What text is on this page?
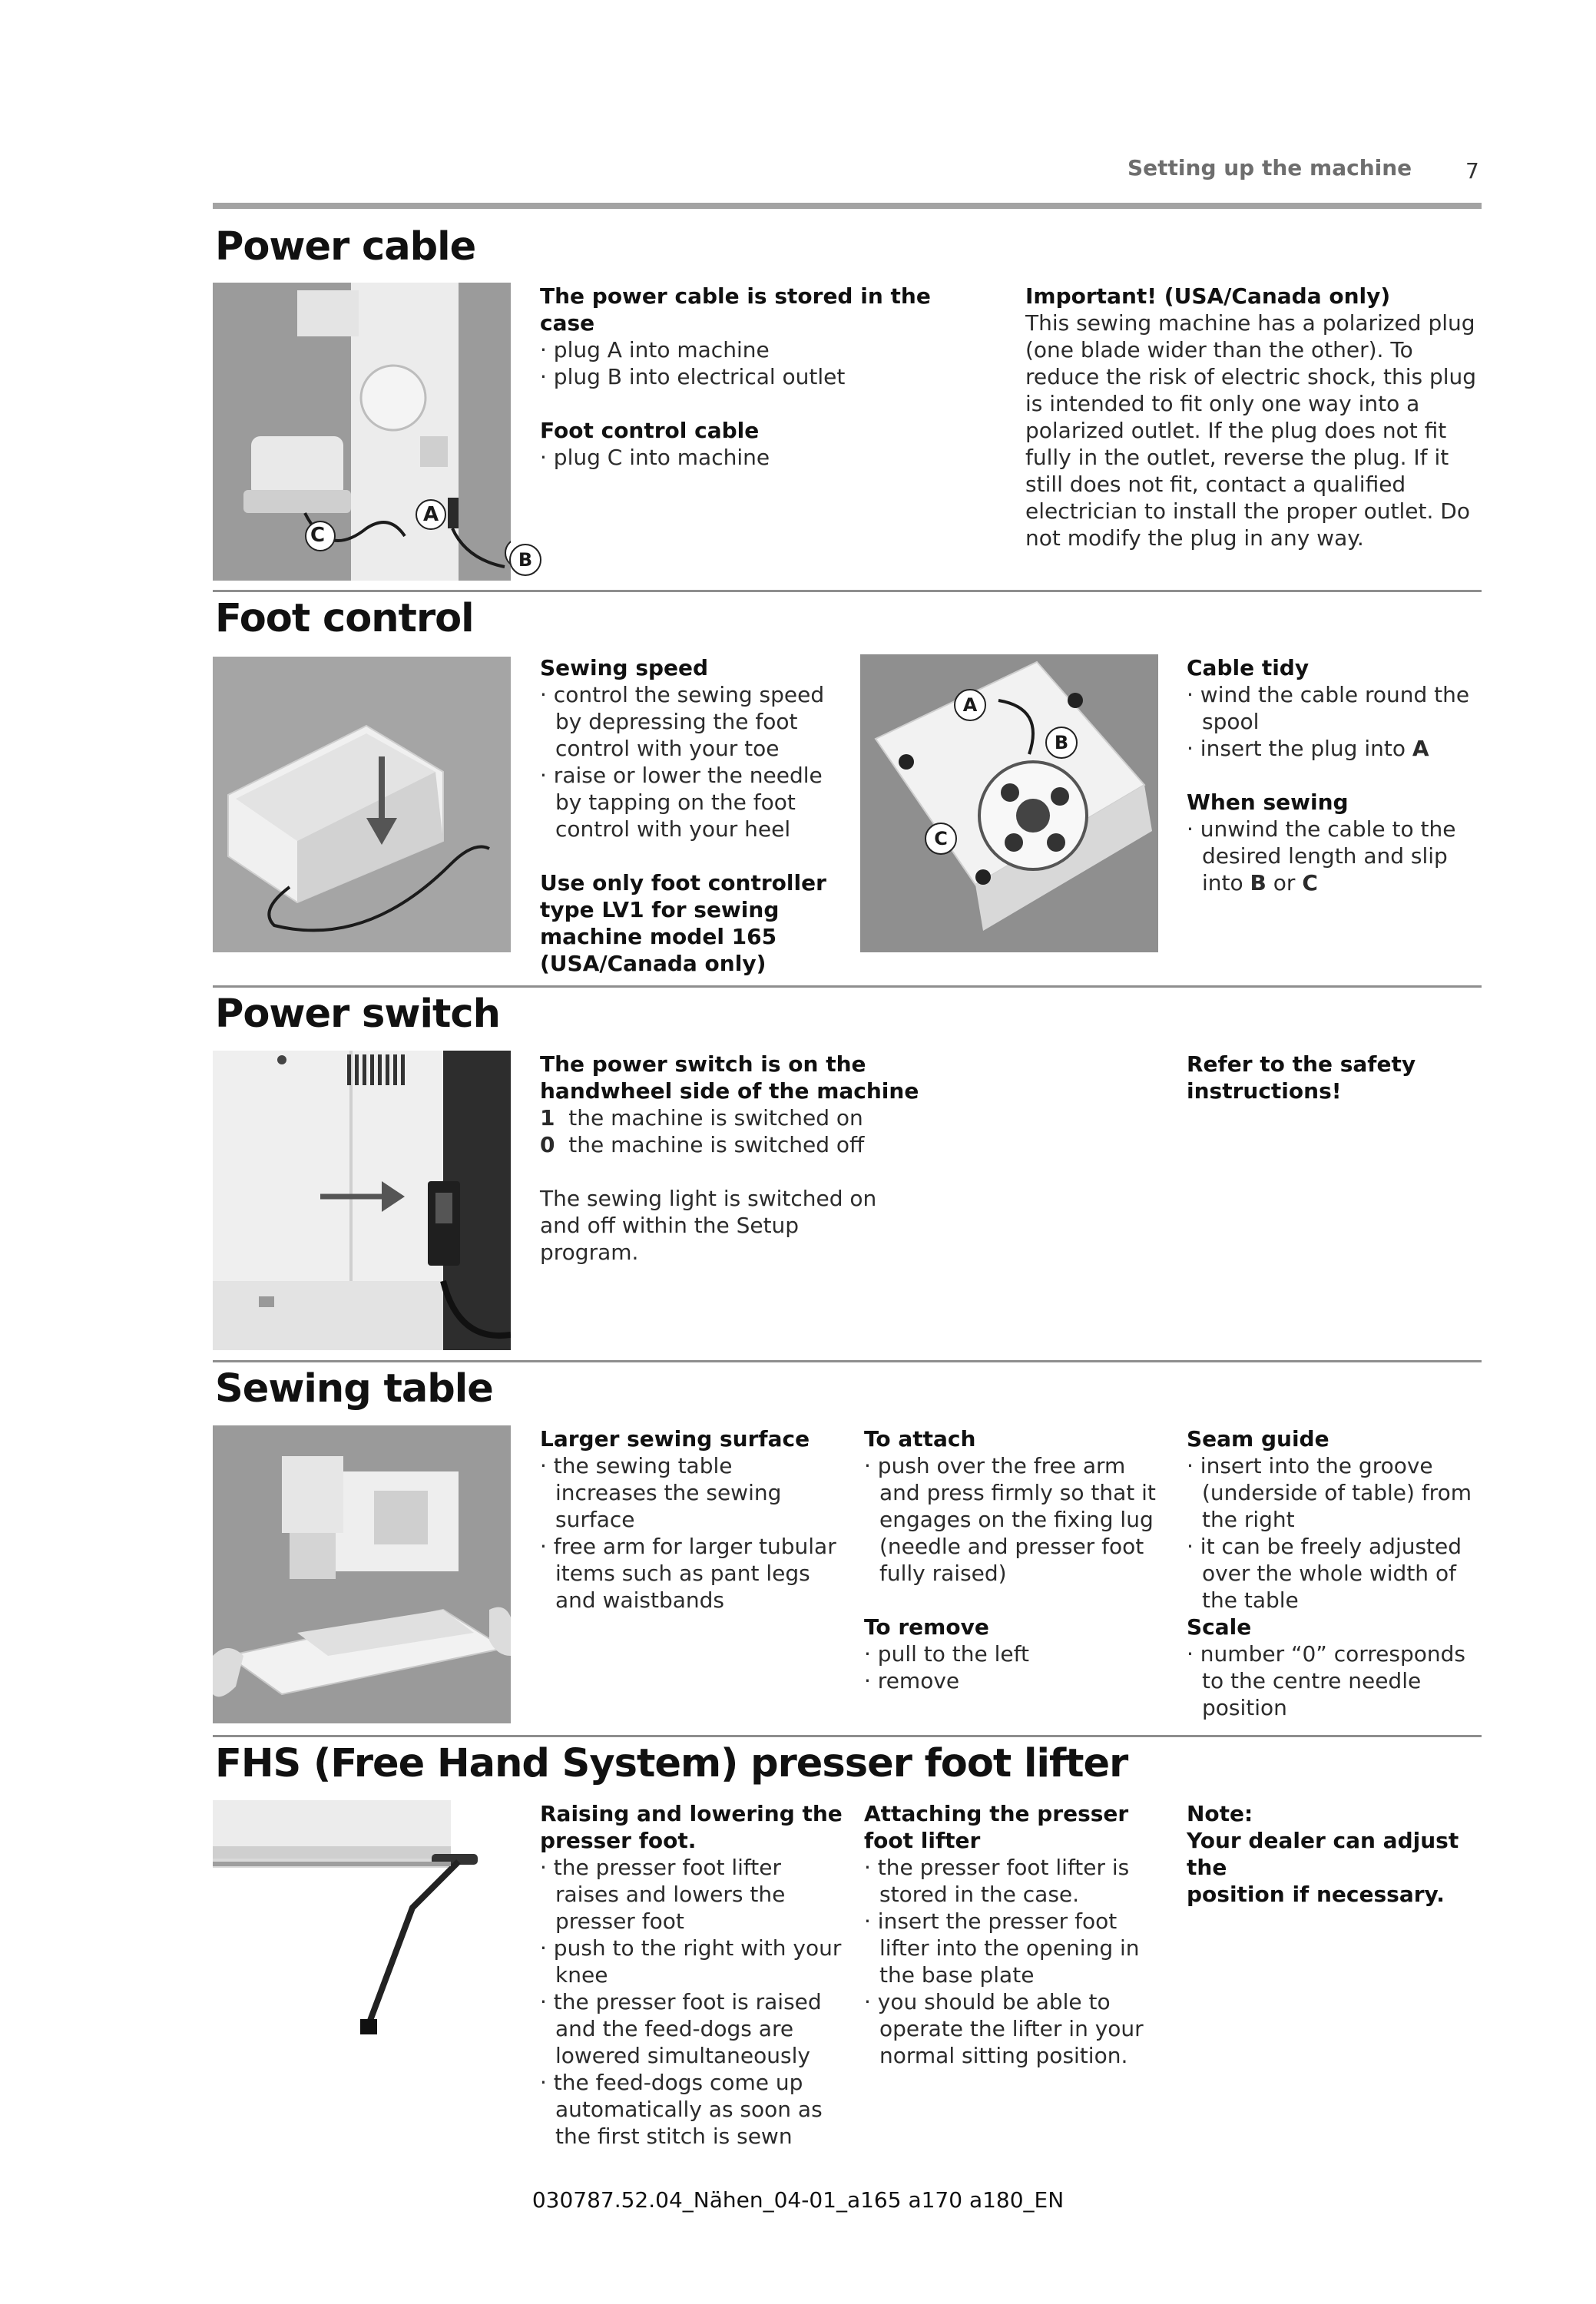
Setting up the machine 7
Power cable
C
A
B

The power cable is stored in the case

· plug A into machine

· plug B into electrical outlet

Foot control cable

· plug C into machine

Important! (USA/Canada only)

This sewing machine has a polarized plug

(one blade wider than the other). To

reduce the risk of electric shock, this plug

is intended to fit only one way into a

polarized outlet. If the plug does not fit

fully in the outlet, reverse the plug. If it

still does not fit, contact a qualified

electrician to install the proper outlet. Do

not modify the plug in any way.

Foot control

Sewing speed

· control the sewing speed by depressing the foot control with your toe

· raise or lower the needle by tapping on the foot control with your heel

Use only foot controller

type LV1 for sewing

machine model 165

(USA/Canada only)

A
B
C

Cable tidy

· wind the cable round the spool

· insert the plug into A

When sewing

· unwind the cable to the desired length and slip into B or C

Power switch

The power switch is on the

handwheel side of the machine

1 the machine is switched on

0 the machine is switched off

The sewing light is switched on and off within the Setup program.

Refer to the safety

instructions!

Sewing table

Larger sewing surface

· the sewing table increases the sewing surface

· free arm for larger tubular items such as pant legs and waistbands

To attach

· push over the free arm and press firmly so that it engages on the fixing lug (needle and presser foot fully raised)

To remove

· pull to the left

· remove

Seam guide

· insert into the groove (underside of table) from the right

· it can be freely adjusted over the whole width of the table

Scale

· number “0” corresponds to the centre needle position

FHS (Free Hand System) presser foot lifter

Raising and lowering the

presser foot.

· the presser foot lifter raises and lowers the presser foot

· push to the right with your knee

· the presser foot is raised and the feed-dogs are lowered simultaneously

· the feed-dogs come up automatically as soon as the first stitch is sewn

Attaching the presser

foot lifter

· the presser foot lifter is stored in the case.

· insert the presser foot lifter into the opening in the base plate

· you should be able to operate the lifter in your normal sitting position.

Note:

Your dealer can adjust the

position if necessary.

030787.52.04_Nähen_04-01_a165 a170 a180_EN
